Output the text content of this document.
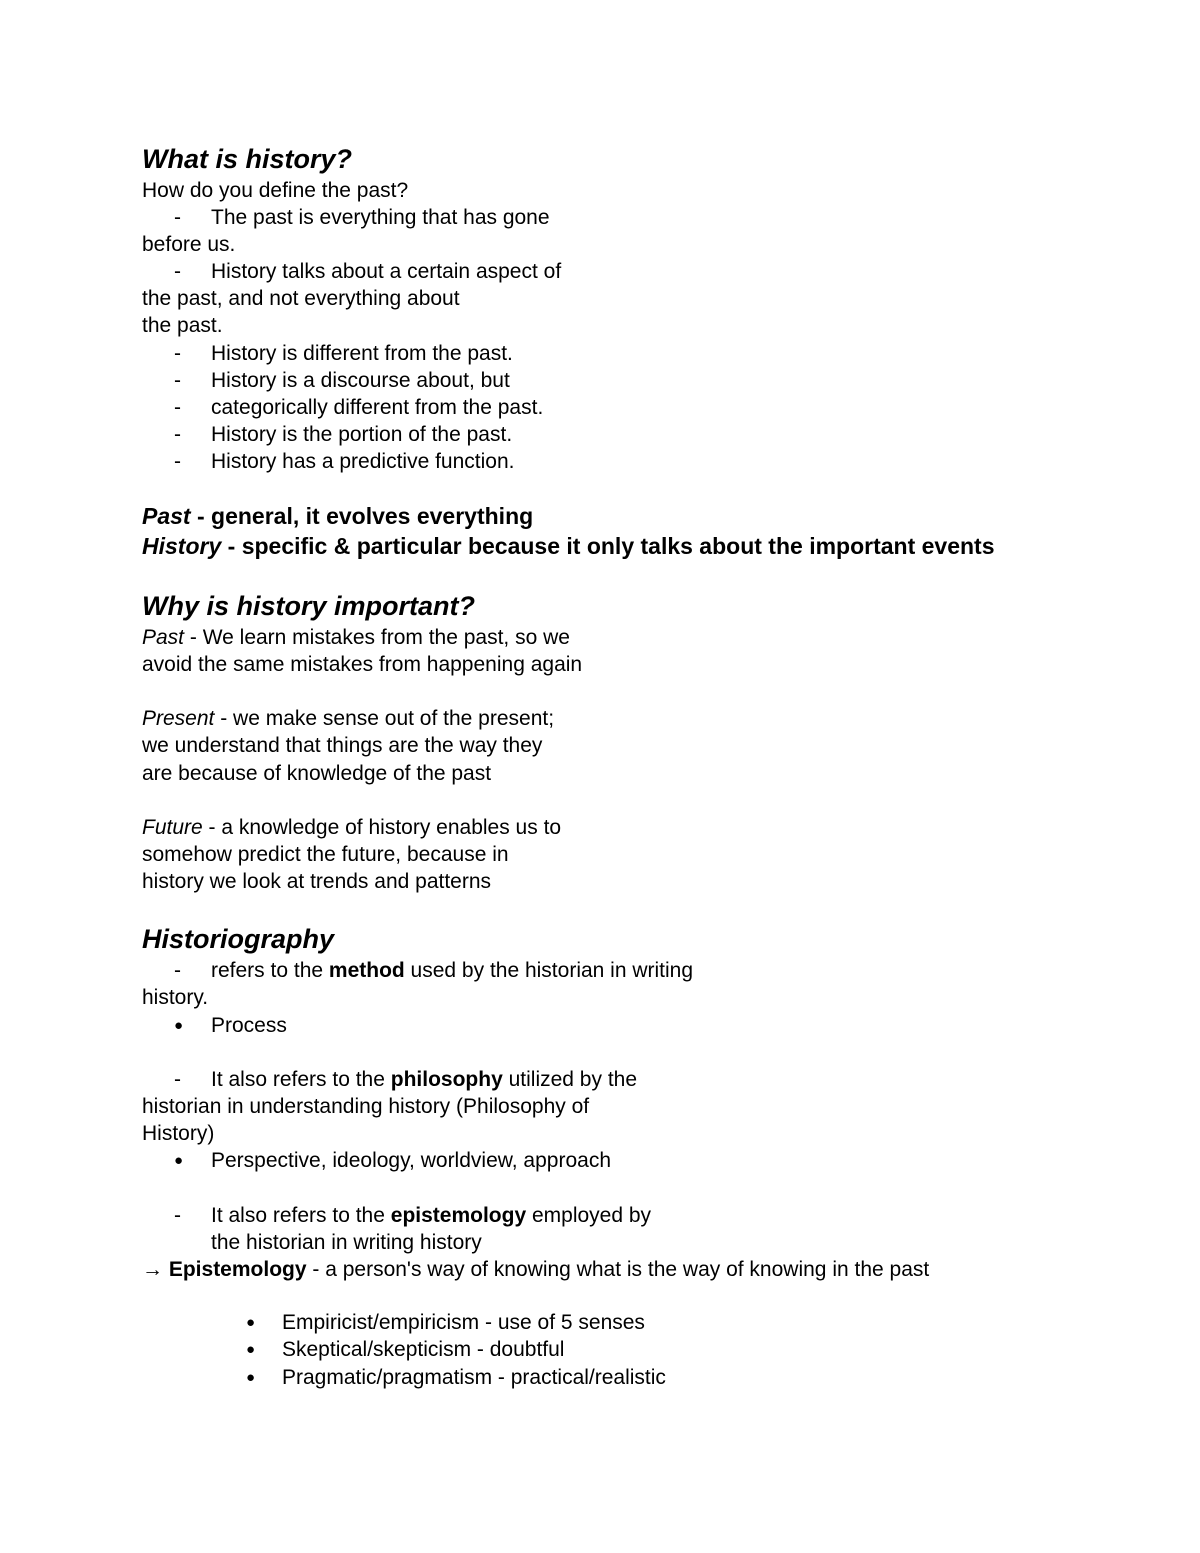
What is history?
How do you define the past?
- The past is everything that has gone
before us.
- History talks about a certain aspect of
the past, and not everything about
the past.
- History is different from the past.
- History is a discourse about, but
- categorically different from the past.
- History is the portion of the past.
- History has a predictive function.
Past - general, it evolves everything
History - specific & particular because it only talks about the important events
Why is history important?
Past - We learn mistakes from the past, so we
avoid the same mistakes from happening again
Present - we make sense out of the present;
we understand that things are the way they
are because of knowledge of the past
Future - a knowledge of history enables us to
somehow predict the future, because in
history we look at trends and patterns
Historiography
- refers to the method used by the historian in writing
history.
● Process
- It also refers to the philosophy utilized by the
historian in understanding history (Philosophy of
History)
● Perspective, ideology, worldview, approach
- It also refers to the epistemology employed by
the historian in writing history
→ Epistemology - a person's way of knowing what is the way of knowing in the past
● Empiricist/empiricism - use of 5 senses
● Skeptical/skepticism - doubtful
● Pragmatic/pragmatism - practical/realistic
